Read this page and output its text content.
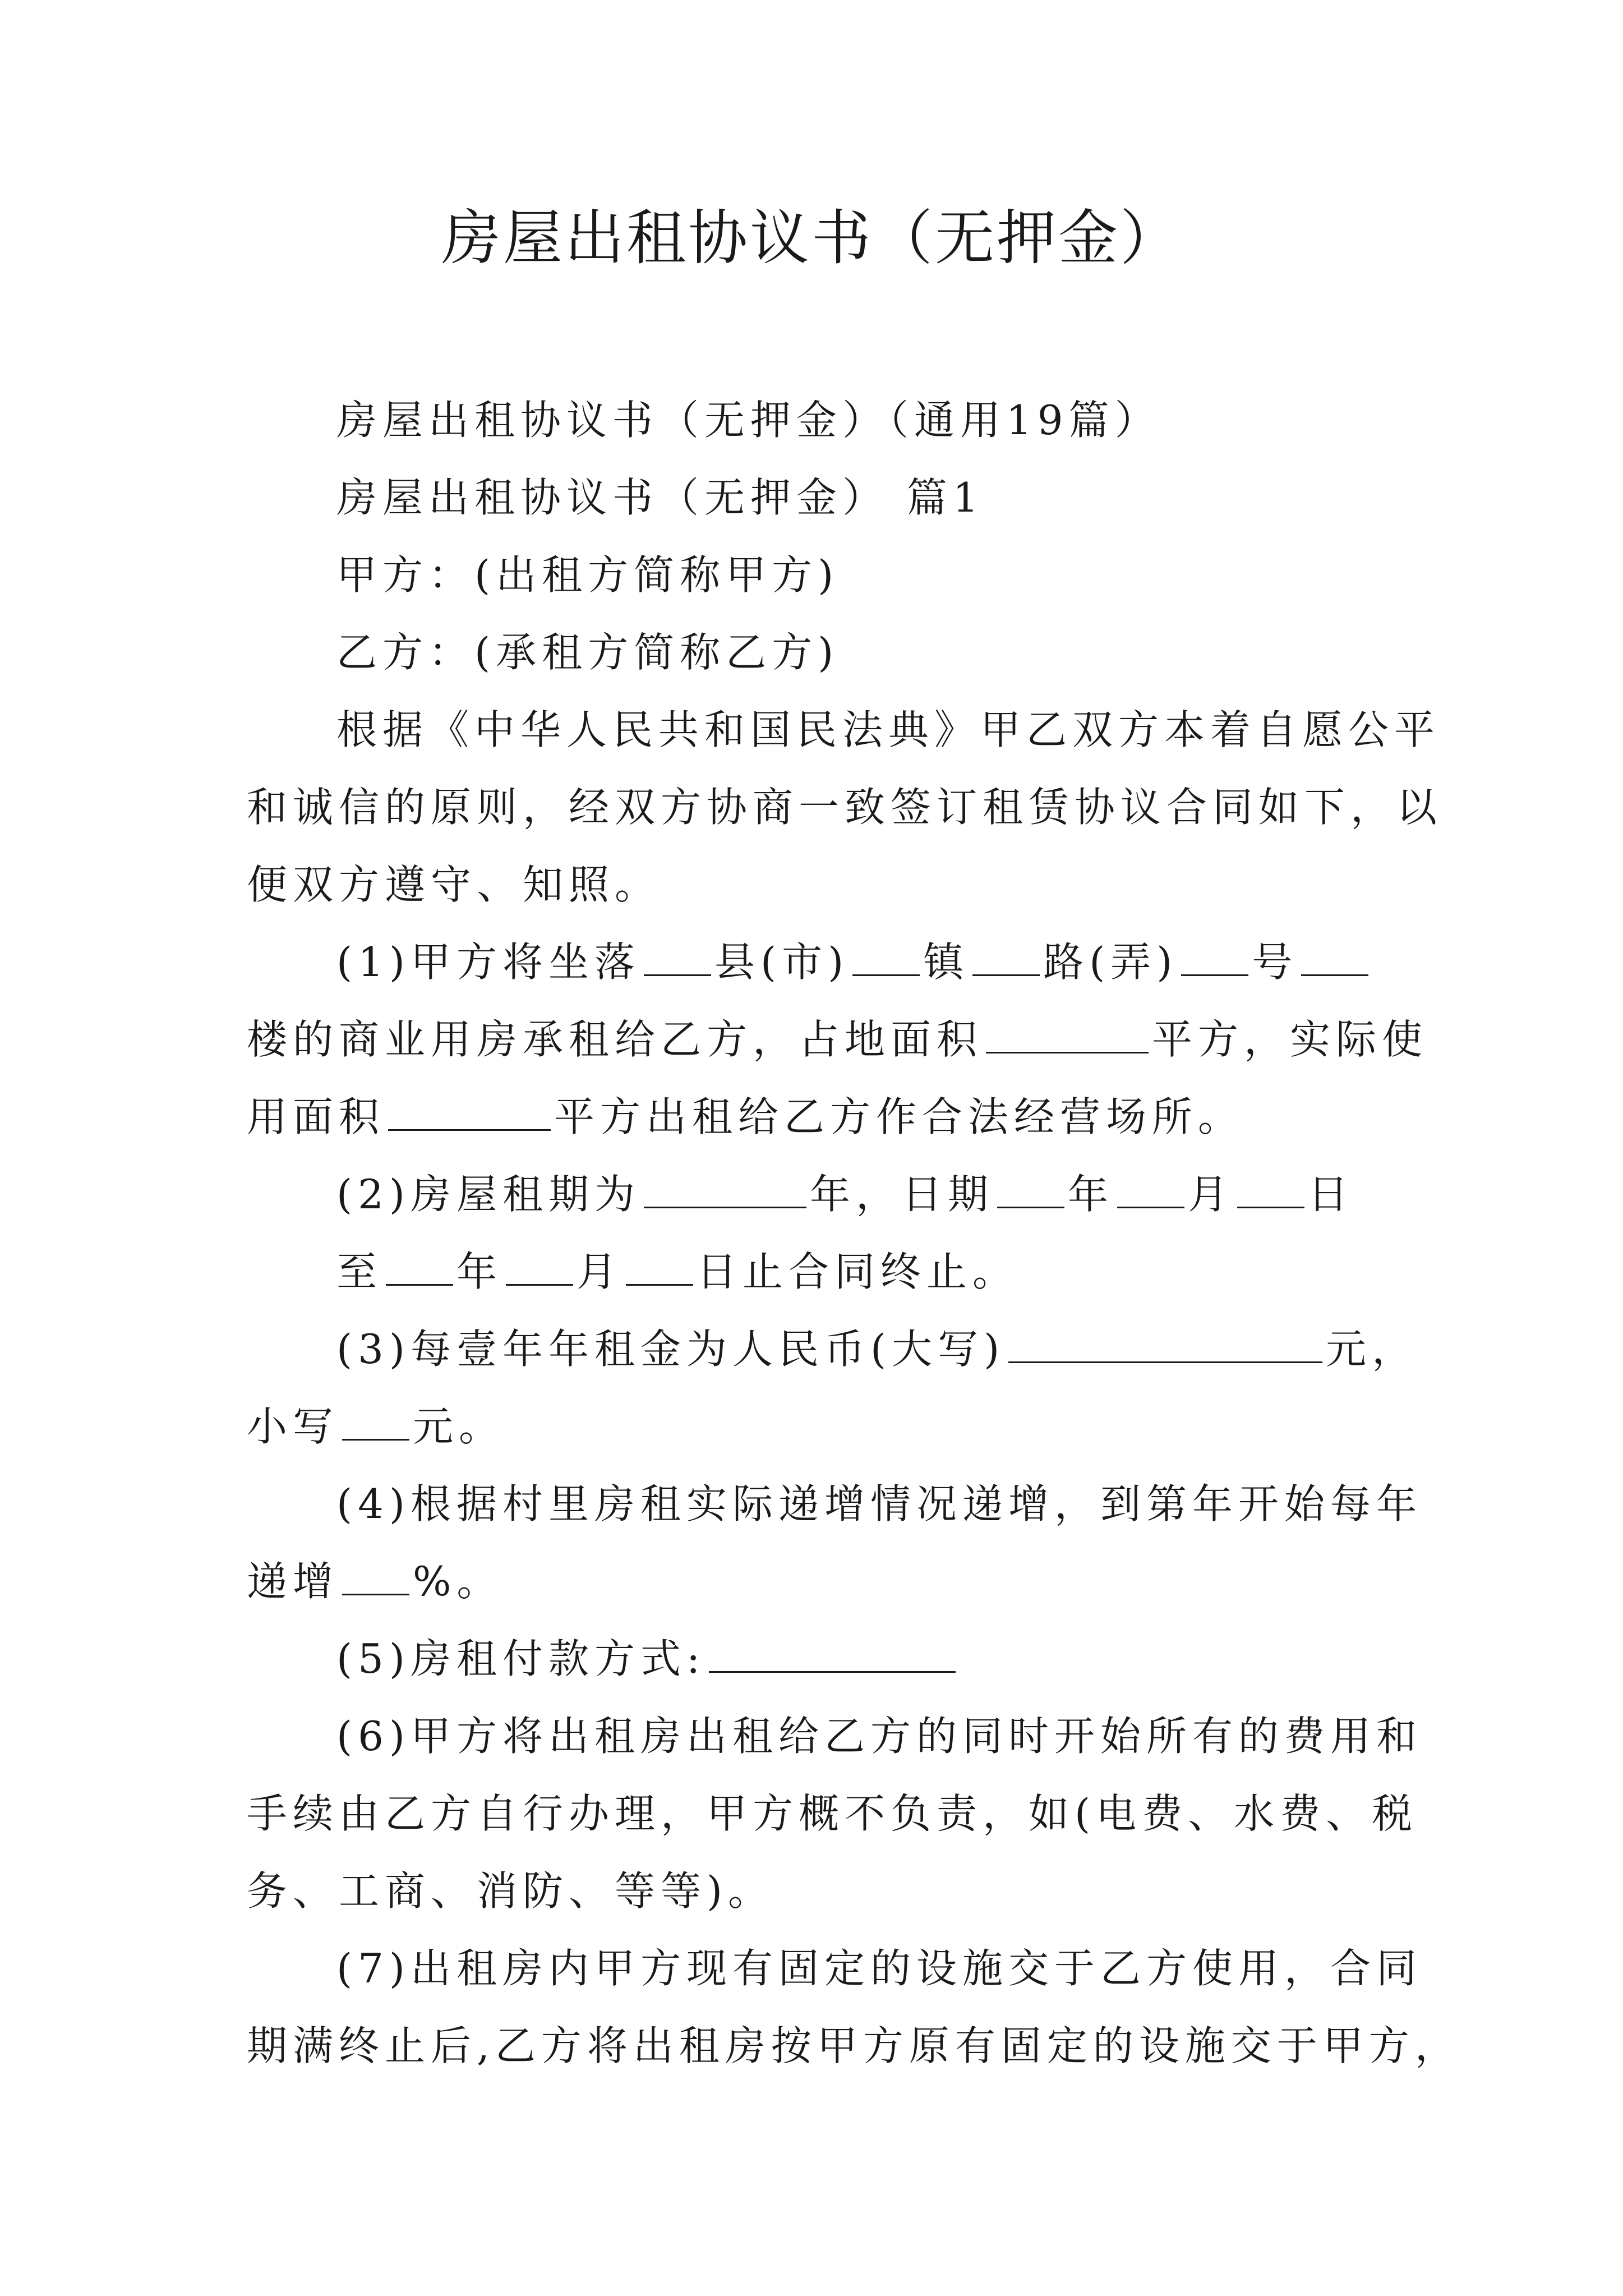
房屋出租协议书（无押金）

房屋出租协议书（无押金）（通用19篇）

房屋出租协议书（无押金） 篇1

甲方：(出租方简称甲方)

乙方：(承租方简称乙方)

根据《中华人民共和国民法典》甲乙双方本着自愿公平

和诚信的原则，经双方协商一致签订租赁协议合同如下，以

便双方遵守、知照。

(1)甲方将坐落 县(市) 镇 路(弄) 号

楼的商业用房承租给乙方，占地面积	平方，实际使

用面积	平方出租给乙方作合法经营场所。

(2)房屋租期为	年，日期 年 月 日

至 年 月 日止合同终止。

(3)每壹年年租金为人民币(大写)	元，

小写 元。

(4)根据村里房租实际递增情况递增，到第年开始每年

递增 %。

(5)房租付款方式:

(6)甲方将出租房出租给乙方的同时开始所有的费用和

手续由乙方自行办理，甲方概不负责，如(电费、水费、税

务、工商、消防、等等)。

(7)出租房内甲方现有固定的设施交于乙方使用，合同

期满终止后,乙方将出租房按甲方原有固定的设施交于甲方，
